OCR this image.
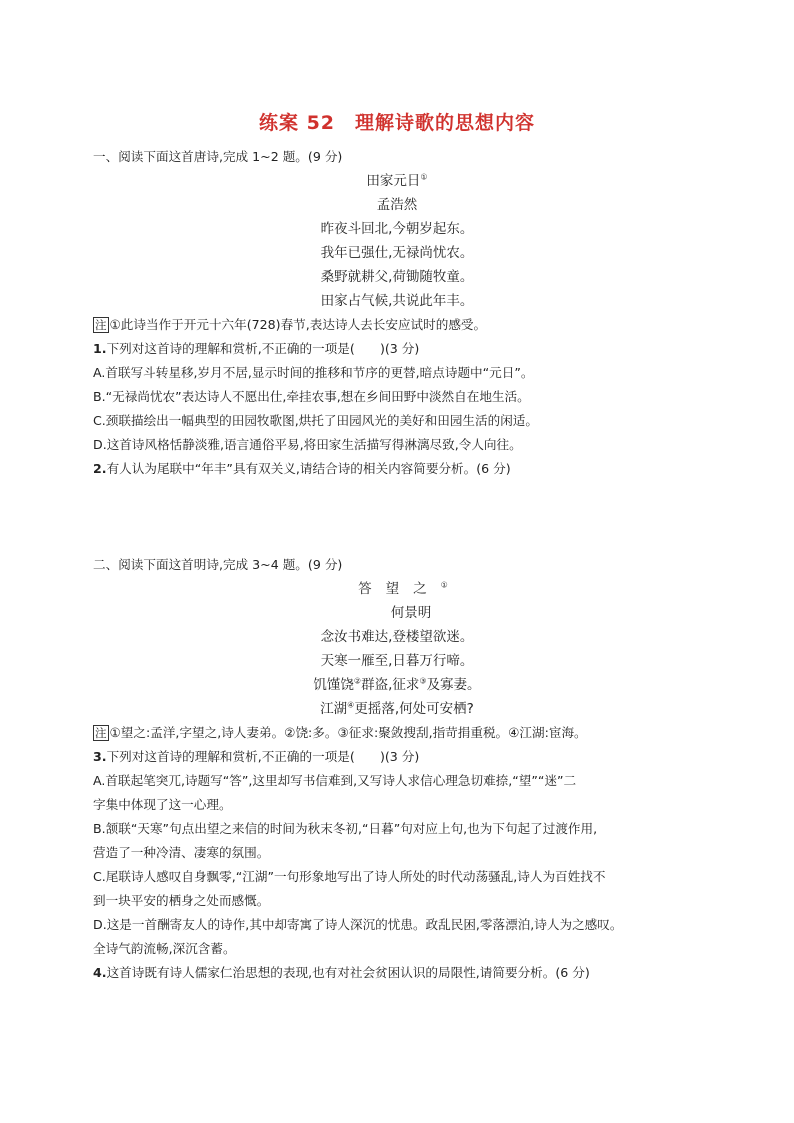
练案 52　理解诗歌的思想内容
一、阅读下面这首唐诗,完成 1~2 题。(9 分)
田家元日①
孟浩然
昨夜斗回北,今朝岁起东。
我年已强仕,无禄尚忧农。
桑野就耕父,荷锄随牧童。
田家占气候,共说此年丰。
注 ①此诗当作于开元十六年(728)春节,表达诗人去长安应试时的感受。
1.下列对这首诗的理解和赏析,不正确的一项是(　　)(3 分)
A.首联写斗转星移,岁月不居,显示时间的推移和节序的更替,暗点诗题中“元日”。
B.“无禄尚忧农”表达诗人不愿出仕,牵挂农事,想在乡间田野中淡然自在地生活。
C.颈联描绘出一幅典型的田园牧歌图,烘托了田园风光的美好和田园生活的闲适。
D.这首诗风格恬静淡雅,语言通俗平易,将田家生活描写得淋漓尽致,令人向往。
2.有人认为尾联中“年丰”具有双关义,请结合诗的相关内容简要分析。(6 分)
二、阅读下面这首明诗,完成 3~4 题。(9 分)
答望之①
何景明
念汝书难达,登楼望欲迷。
天寒一雁至,日暮万行啼。
饥馑饶②群盗,征求③及寡妻。
江湖④更摇落,何处可安栖?
注 ①望之:孟洋,字望之,诗人妻弟。②饶:多。③征求:聚敛搜刮,指苛捐重税。④江湖:宦海。
3.下列对这首诗的理解和赏析,不正确的一项是(　　)(3 分)
A.首联起笔突兀,诗题写“答”,这里却写书信难到,又写诗人求信心理急切难捺,“望”“迷”二
字集中体现了这一心理。
B.颔联“天寒”句点出望之来信的时间为秋末冬初,“日暮”句对应上句,也为下句起了过渡作用,
营造了一种冷清、凄寒的氛围。
C.尾联诗人感叹自身飘零,“江湖”一句形象地写出了诗人所处的时代动荡骚乱,诗人为百姓找不
到一块平安的栖身之处而感慨。
D.这是一首酬寄友人的诗作,其中却寄寓了诗人深沉的忧患。政乱民困,零落漂泊,诗人为之感叹。
全诗气韵流畅,深沉含蓄。
4.这首诗既有诗人儒家仁治思想的表现,也有对社会贫困认识的局限性,请简要分析。(6 分)
